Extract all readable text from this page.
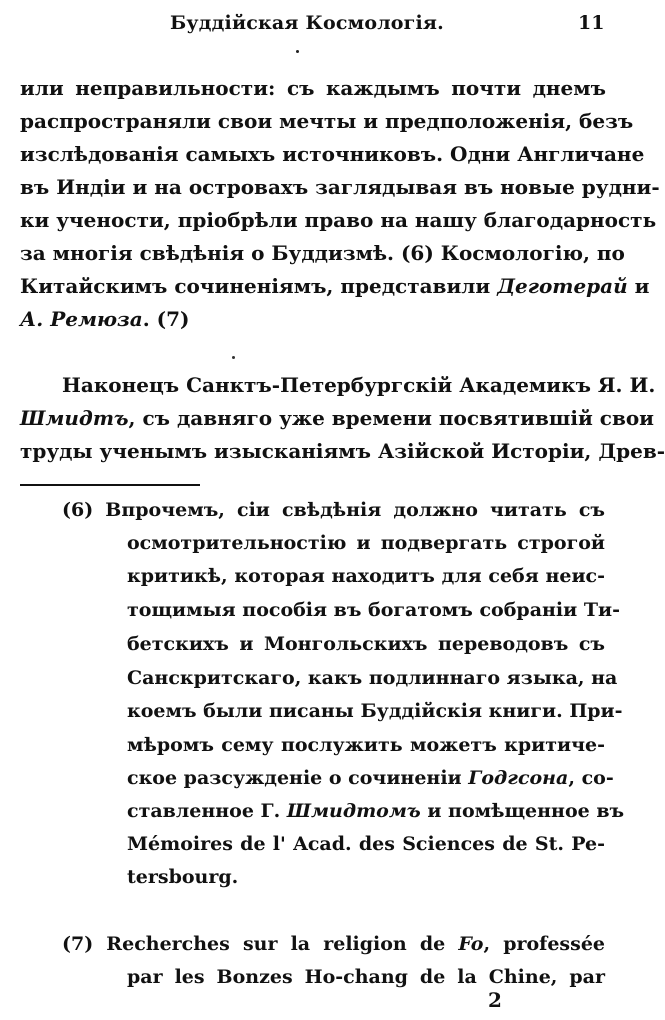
Буддійская Космологія.	11
или неправильности: съ каждымъ почти днемъ
распространяли свои мечты и предположенія, безъ
изслѣдованія самыхъ источниковъ. Одни Англичане
въ Индіи и на островахъ заглядывая въ новые рудни-
ки учености, пріобрѣли право на нашу благодарность
за многія свѣдѣнія о Буддизмѣ. (6) Космологію, по
Китайскимъ сочиненіямъ, представили Деготерай и
А. Ремюза. (7)
Наконецъ Санктъ-Петербургскій Академикъ Я. И.
Шмидтъ, съ давняго уже времени посвятившій свои
труды ученымъ изысканіямъ Азійской Исторіи, Древ-
(6) Впрочемъ, сіи свѣдѣнія должно читать съ
осмотрительностію и подвергать строгой
критикѣ, которая находитъ для себя неис-
тощимыя пособія въ богатомъ собраніи Ти-
бетскихъ и Монгольскихъ переводовъ съ
Санскритскаго, какъ подлиннаго языка, на
коемъ были писаны Буддійскія книги. При-
мѣромъ сему послужить можетъ критиче-
ское разсужденіе о сочиненіи Годгсона, со-
ставленное Г. Шмидтомъ и помѣщенное въ
Mémoires de l' Acad. des Sciences de St. Pe-
tersbourg.
(7) Recherches sur la religion de Fo, professée
par les Bonzes Ho-chang de la Chine, par
2
